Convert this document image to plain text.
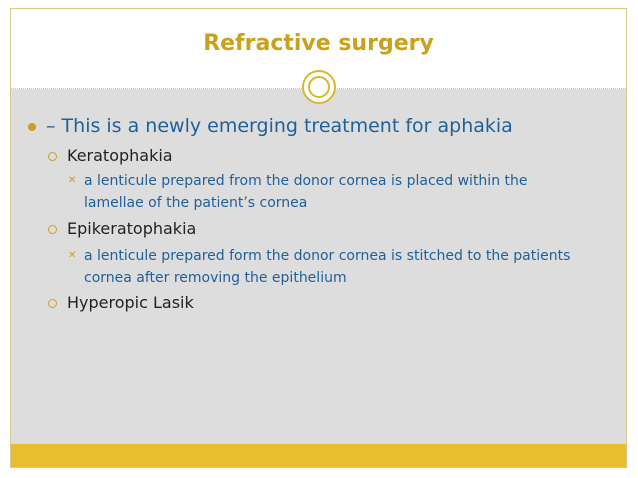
Refractive surgery
– This is a newly emerging treatment for aphakia
Keratophakia
✕ a lenticule prepared from the donor cornea is placed within the lamellae of the patient’s cornea
Epikeratophakia
✕ a lenticule prepared form the donor cornea is stitched to the patients cornea after removing the epithelium
Hyperopic Lasik
